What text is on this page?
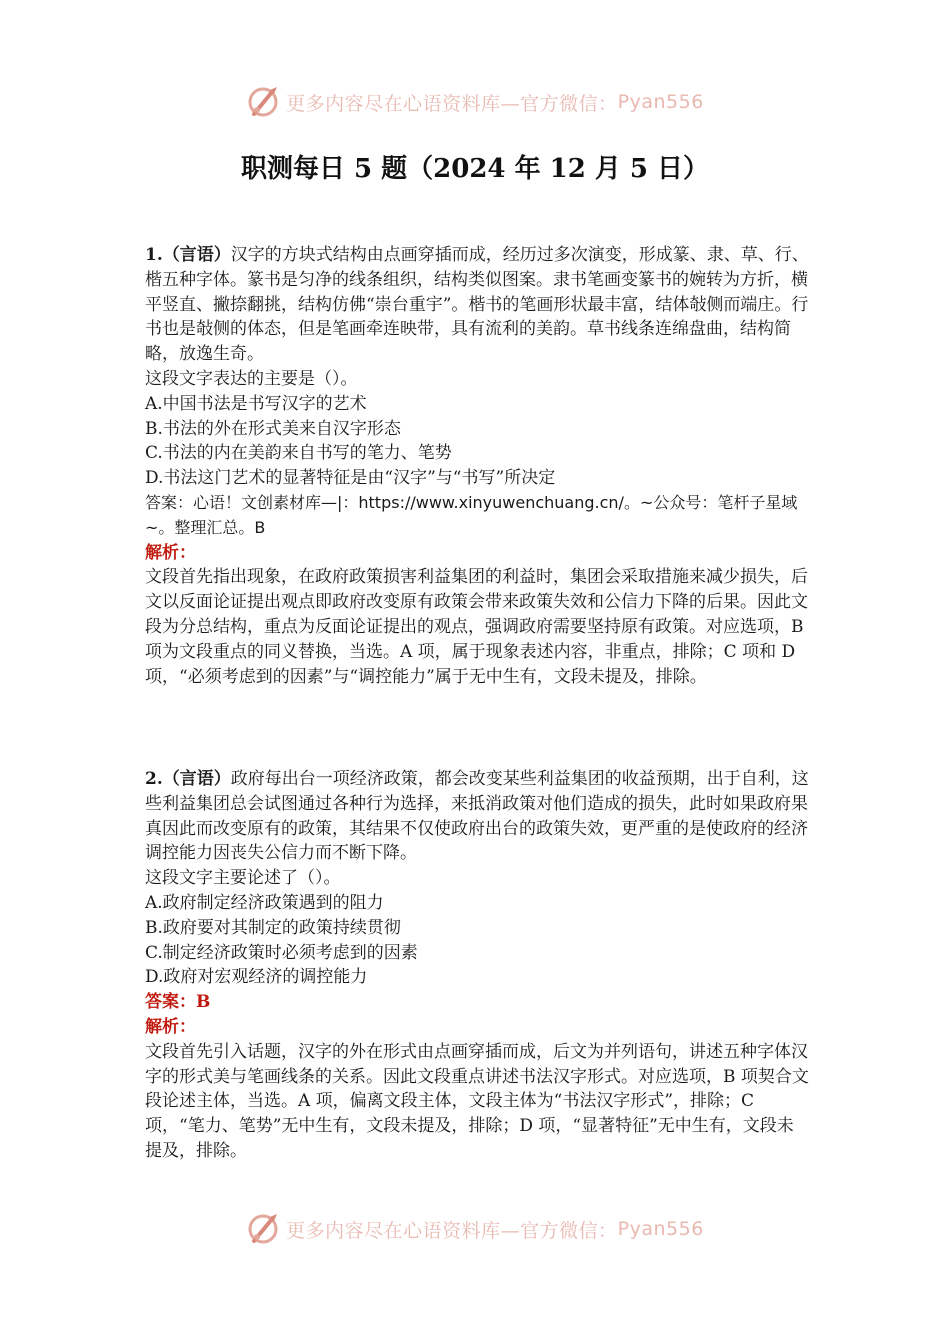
更多内容尽在心语资料库—官方微信： Pyan556
职测每日 5 题（2024 年 12 月 5 日）

1.（言语）汉字的方块式结构由点画穿插而成，经历过多次演变，形成篆、隶、草、行、楷五种字体。篆书是匀净的线条组织，结构类似图案。隶书笔画变篆书的婉转为方折，横平竖直、撇捺翻挑，结构仿佛“崇台重宇”。楷书的笔画形状最丰富，结体敧侧而端庄。行书也是敧侧的体态，但是笔画牵连映带，具有流利的美韵。草书线条连绵盘曲，结构简略，放逸生奇。

这段文字表达的主要是（）。

A.中国书法是书写汉字的艺术

B.书法的外在形式美来自汉字形态

C.书法的内在美韵来自书写的笔力、笔势

D.书法这门艺术的显著特征是由“汉字”与“书写”所决定

答案：心语！文创素材库—|：https://www.xinyuwenchuang.cn/。~公众号：笔杆子星域~。整理汇总。B

解析：

文段首先指出现象，在政府政策损害利益集团的利益时，集团会采取措施来减少损失，后文以反面论证提出观点即政府改变原有政策会带来政策失效和公信力下降的后果。因此文段为分总结构，重点为反面论证提出的观点，强调政府需要坚持原有政策。对应选项，B 项为文段重点的同义替换，当选。A 项，属于现象表述内容，非重点，排除；C 项和 D 项，“必须考虑到的因素”与“调控能力”属于无中生有，文段未提及，排除。

2.（言语）政府每出台一项经济政策，都会改变某些利益集团的收益预期，出于自利，这些利益集团总会试图通过各种行为选择，来抵消政策对他们造成的损失，此时如果政府果真因此而改变原有的政策，其结果不仅使政府出台的政策失效，更严重的是使政府的经济调控能力因丧失公信力而不断下降。

这段文字主要论述了（）。

A.政府制定经济政策遇到的阻力

B.政府要对其制定的政策持续贯彻

C.制定经济政策时必须考虑到的因素

D.政府对宏观经济的调控能力

答案：B

解析：

文段首先引入话题，汉字的外在形式由点画穿插而成，后文为并列语句，讲述五种字体汉字的形式美与笔画线条的关系。因此文段重点讲述书法汉字形式。对应选项，B 项契合文段论述主体，当选。A 项，偏离文段主体，文段主体为“书法汉字形式”，排除；C 项，“笔力、笔势”无中生有，文段未提及，排除；D 项，“显著特征”无中生有，文段未提及，排除。

更多内容尽在心语资料库—官方微信： Pyan556
